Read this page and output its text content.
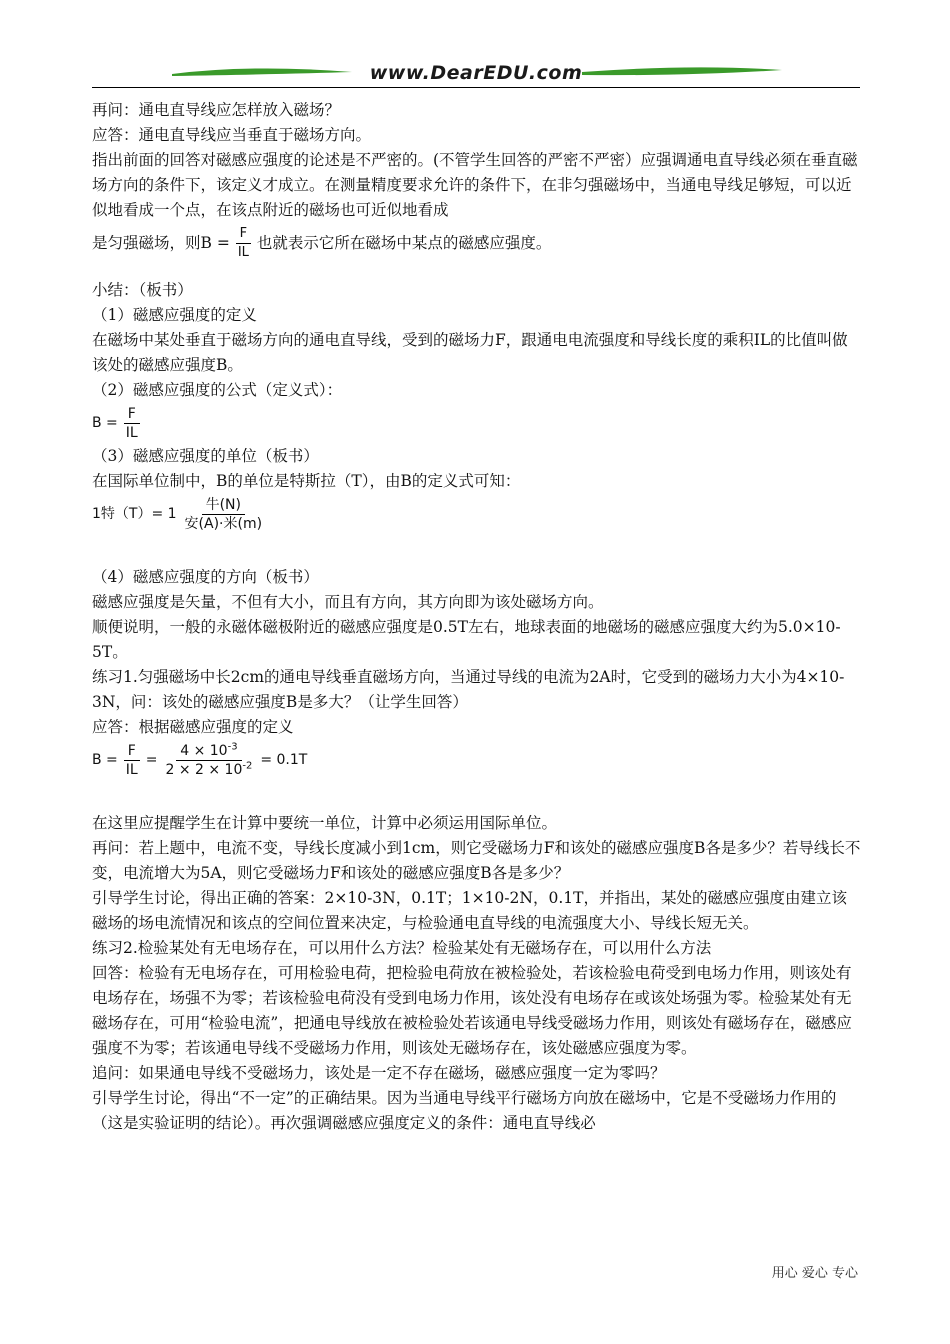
www.DearEDU.com

再问：通电直导线应怎样放入磁场？

应答：通电直导线应当垂直于磁场方向。

指出前面的回答对磁感应强度的论述是不严密的。(不管学生回答的严密不严密）应强调通电直导线必须在垂直磁场方向的条件下，该定义才成立。在测量精度要求允许的条件下，在非匀强磁场中，当通电导线足够短，可以近似地看成一个点，在该点附近的磁场也可近似地看成

是匀强磁场，则$B = \frac{F}{IL}$ 也就表示它所在磁场中某点的磁感应强度。

小结：（板书）

（1）磁感应强度的定义

在磁场中某处垂直于磁场方向的通电直导线，受到的磁场力F，跟通电电流强度和导线长度的乘积IL的比值叫做该处的磁感应强度B。

（2）磁感应强度的公式（定义式）：

$B = \frac{F}{IL}$

（3）磁感应强度的单位（板书）

在国际单位制中，B的单位是特斯拉（T），由B的定义式可知：

1特$(T)= 1 \frac{\text{牛(N)}}{\text{安(A)·米(m)}}$

（4）磁感应强度的方向（板书）

磁感应强度是矢量，不但有大小，而且有方向，其方向即为该处磁场方向。

顺便说明，一般的永磁体磁极附近的磁感应强度是0.5T左右，地球表面的地磁场的磁感应强度大约为5.0×10-5T。

练习1.匀强磁场中长2cm的通电导线垂直磁场方向，当通过导线的电流为2A时，它受到的磁场力大小为4×10-3N，问：该处的磁感应强度B是多大？（让学生回答）

应答：根据磁感应强度的定义

$B = \frac{F}{IL} = \frac{4 \times 10^{-3}}{2 \times 2 \times 10^{-2}} = 0.1T$

在这里应提醒学生在计算中要统一单位，计算中必须运用国际单位。

再问：若上题中，电流不变，导线长度减小到1cm，则它受磁场力F和该处的磁感应强度B各是多少？若导线长不变，电流增大为5A，则它受磁场力F和该处的磁感应强度B各是多少？

引导学生讨论，得出正确的答案：2×10-3N，0.1T；1×10-2N，0.1T，并指出，某处的磁感应强度由建立该磁场的场电流情况和该点的空间位置来决定，与检验通电直导线的电流强度大小、导线长短无关。

练习2.检验某处有无电场存在，可以用什么方法？检验某处有无磁场存在，可以用什么方法

回答：检验有无电场存在，可用检验电荷，把检验电荷放在被检验处，若该检验电荷受到电场力作用，则该处有电场存在，场强不为零；若该检验电荷没有受到电场力作用，该处没有电场存在或该处场强为零。检验某处有无磁场存在，可用“检验电流”，把通电导线放在被检验处若该通电导线受磁场力作用，则该处有磁场存在，磁感应强度不为零；若该通电导线不受磁场力作用，则该处无磁场存在，该处磁感应强度为零。

追问：如果通电导线不受磁场力，该处是一定不存在磁场，磁感应强度一定为零吗？

引导学生讨论，得出“不一定”的正确结果。因为当通电导线平行磁场方向放在磁场中，它是不受磁场力作用的（这是实验证明的结论）。再次强调磁感应强度定义的条件：通电直导线必

用心 爱心 专心
